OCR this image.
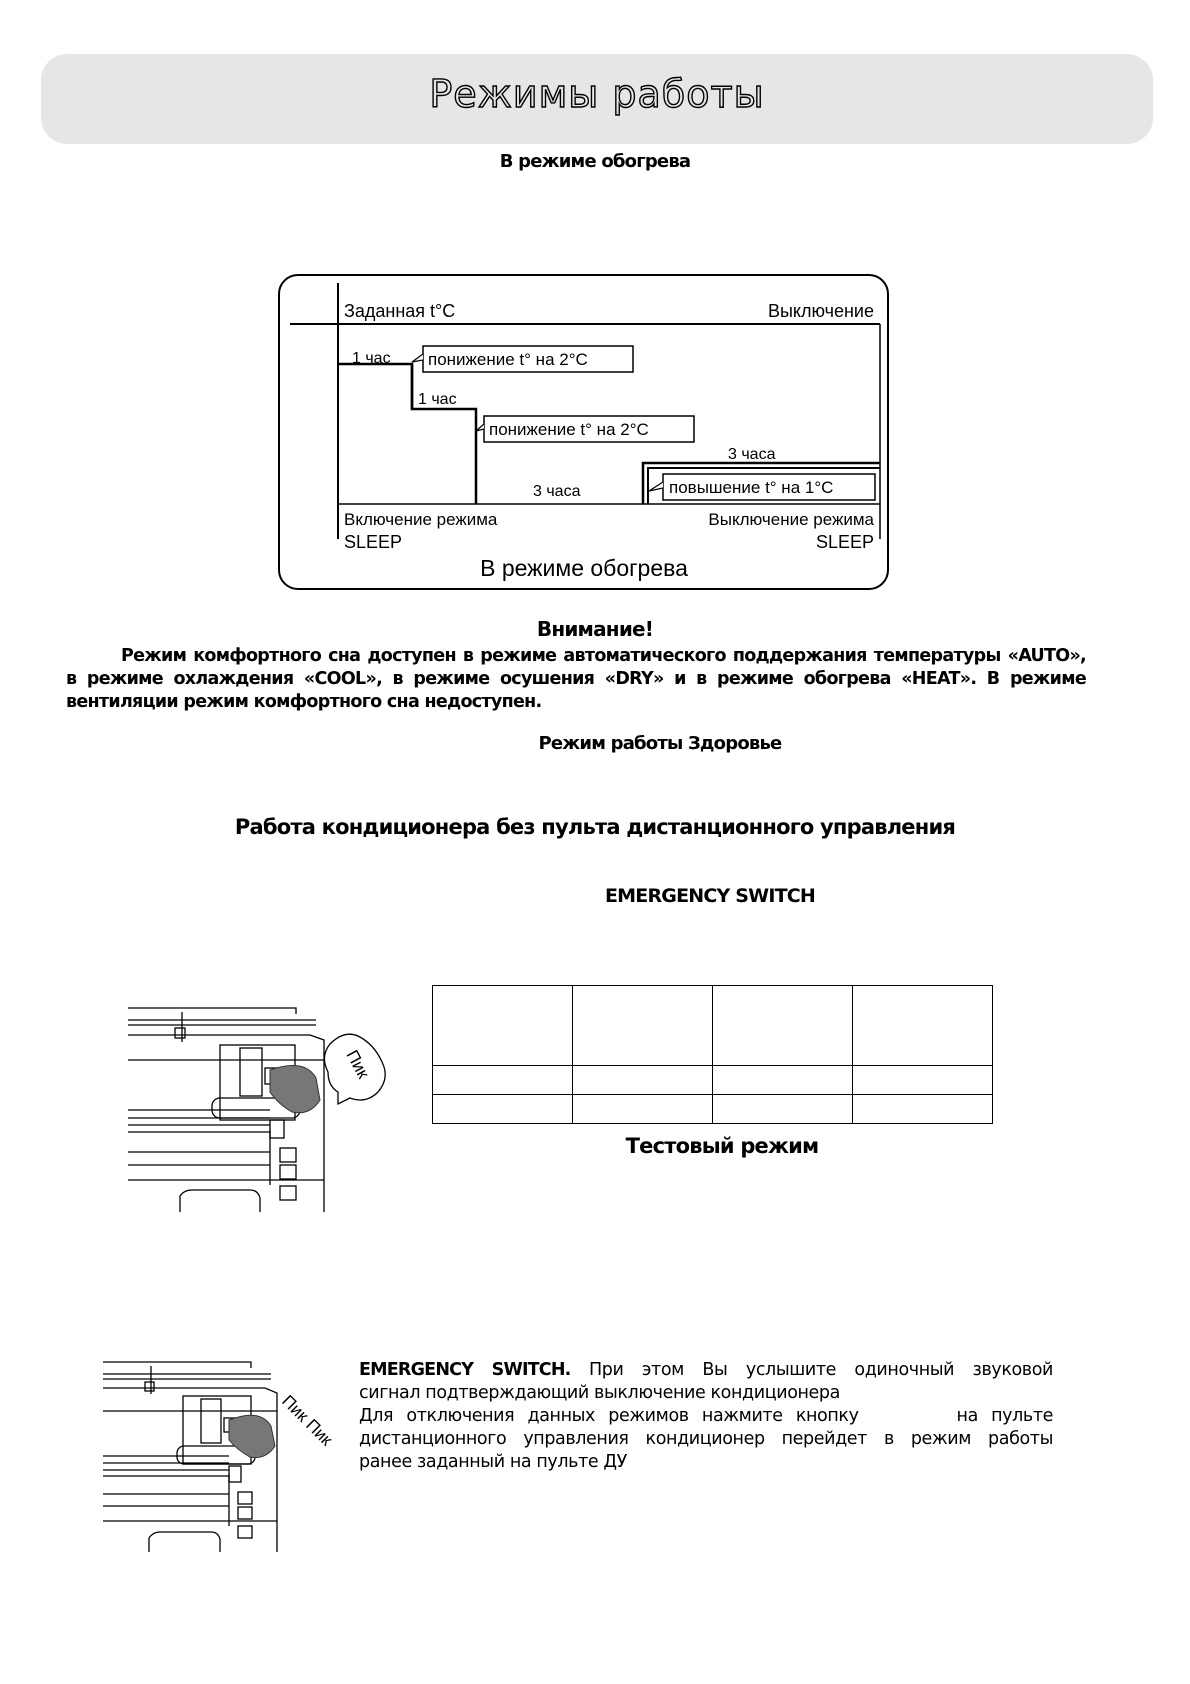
Режимы работы
В режиме обогрева
Заданная t°C	Выключение
1 час
1 час
понижение t° на 2°C
понижение t° на 2°C
3 часа
3 часа	повышение t° на 1°C
Включение режима
SLEEP
Выключение режима
SLEEP
В режиме обогрева
Внимание!
Режим комфортного сна доступен в режиме автоматического поддержания температуры «AUTO», в режиме охлаждения «COOL», в режиме осушения «DRY» и в режиме обогрева «HEAT». В режиме вентиляции режим комфортного сна недоступен.
Режим работы Здоровье
Работа кондиционера без пульта дистанционного управления
EMERGENCY SWITCH
Пик

Тестовый режим
Пик Пик
EMERGENCY SWITCH. При этом Вы услышите одиночный звуковой
сигнал подтверждающий выключение кондиционера
Для отключения данных режимов нажмите кнопку	на пульте
дистанционного управления кондиционер перейдет в режим работы
ранее заданный на пульте ДУ
